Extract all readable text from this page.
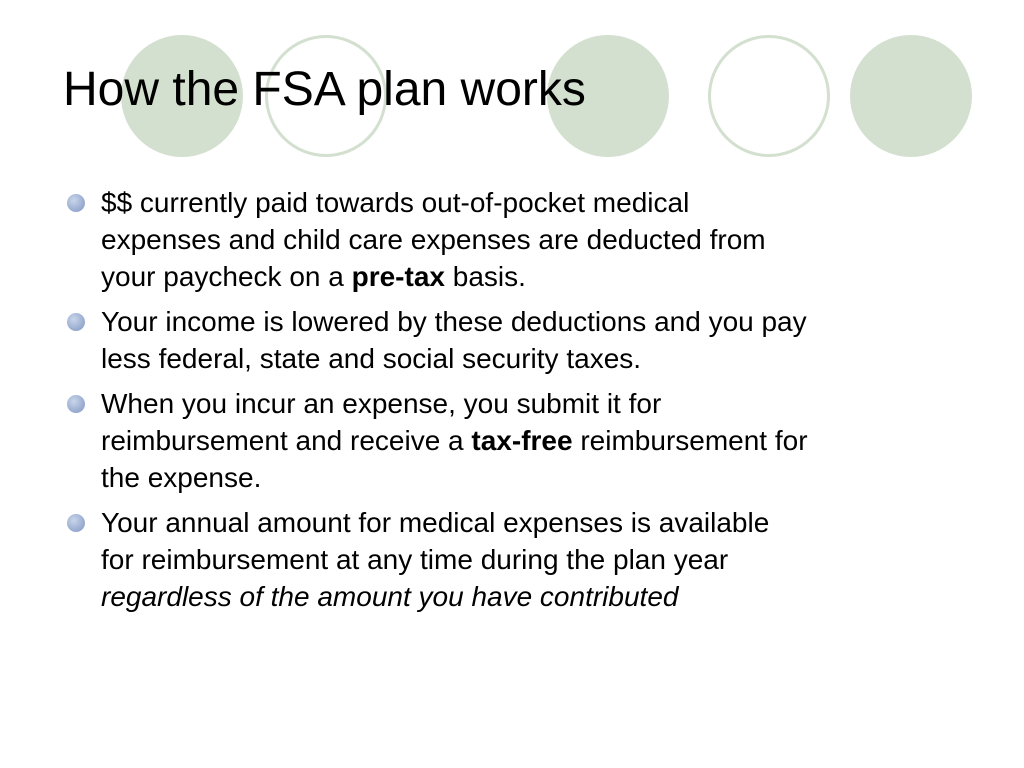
How the FSA plan works
$$ currently paid towards out-of-pocket medical
expenses and child care expenses are deducted from
your paycheck on a pre-tax basis.
Your income is lowered by these deductions and you pay
less federal, state and social security taxes.
When you incur an expense, you submit it for
reimbursement and receive a tax-free reimbursement for
the expense.
Your annual amount for medical expenses is available
for reimbursement at any time during the plan year
regardless of the amount you have contributed
